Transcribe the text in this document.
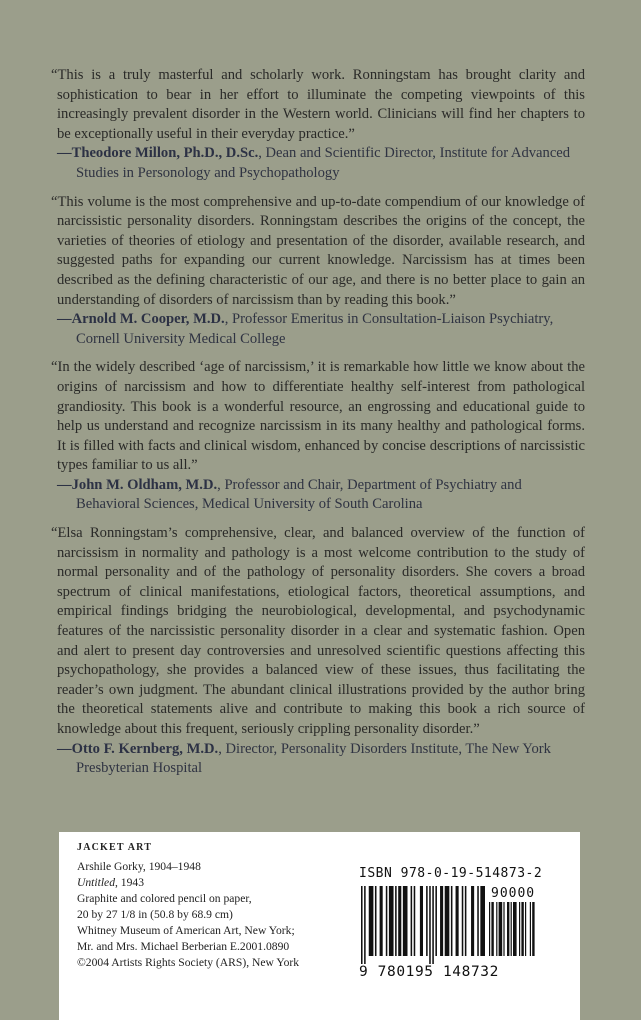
“This is a truly masterful and scholarly work. Ronningstam has brought clarity and sophistication to bear in her effort to illuminate the competing viewpoints of this increasingly prevalent disorder in the Western world. Clinicians will find her chapters to be exceptionally useful in their everyday practice.”

—Theodore Millon, Ph.D., D.Sc., Dean and Scientific Director, Institute for Advanced Studies in Personology and Psychopathology

“This volume is the most comprehensive and up-to-date compendium of our knowledge of narcissistic personality disorders. Ronningstam describes the origins of the concept, the varieties of theories of etiology and presentation of the disorder, available research, and suggested paths for expanding our current knowledge. Narcissism has at times been described as the defining characteristic of our age, and there is no better place to gain an understanding of disorders of narcissism than by reading this book.”

—Arnold M. Cooper, M.D., Professor Emeritus in Consultation-Liaison Psychiatry, Cornell University Medical College

“In the widely described ‘age of narcissism,’ it is remarkable how little we know about the origins of narcissism and how to differentiate healthy self-interest from pathological grandiosity. This book is a wonderful resource, an engrossing and educational guide to help us understand and recognize narcissism in its many healthy and pathological forms. It is filled with facts and clinical wisdom, enhanced by concise descriptions of narcissistic types familiar to us all.”

—John M. Oldham, M.D., Professor and Chair, Department of Psychiatry and Behavioral Sciences, Medical University of South Carolina

“Elsa Ronningstam’s comprehensive, clear, and balanced overview of the function of narcissism in normality and pathology is a most welcome contribution to the study of normal personality and of the pathology of personality disorders. She covers a broad spectrum of clinical manifestations, etiological factors, theoretical assumptions, and empirical findings bridging the neurobiological, developmental, and psychodynamic features of the narcissistic personality disorder in a clear and systematic fashion. Open and alert to present day controversies and unresolved scientific questions affecting this psychopathology, she provides a balanced view of these issues, thus facilitating the reader’s own judgment. The abundant clinical illustrations provided by the author bring the theoretical statements alive and contribute to making this book a rich source of knowledge about this frequent, seriously crippling personality disorder.”

—Otto F. Kernberg, M.D., Director, Personality Disorders Institute, The New York Presbyterian Hospital

JACKET ART
Arshile Gorky, 1904–1948
Untitled, 1943
Graphite and colored pencil on paper,
20 by 27 1/8 in (50.8 by 68.9 cm)
Whitney Museum of American Art, New York;
Mr. and Mrs. Michael Berberian E.2001.0890
©2004 Artists Rights Society (ARS), New York
ISBN 978-0-19-514873-2
90000
9 780195 148732
